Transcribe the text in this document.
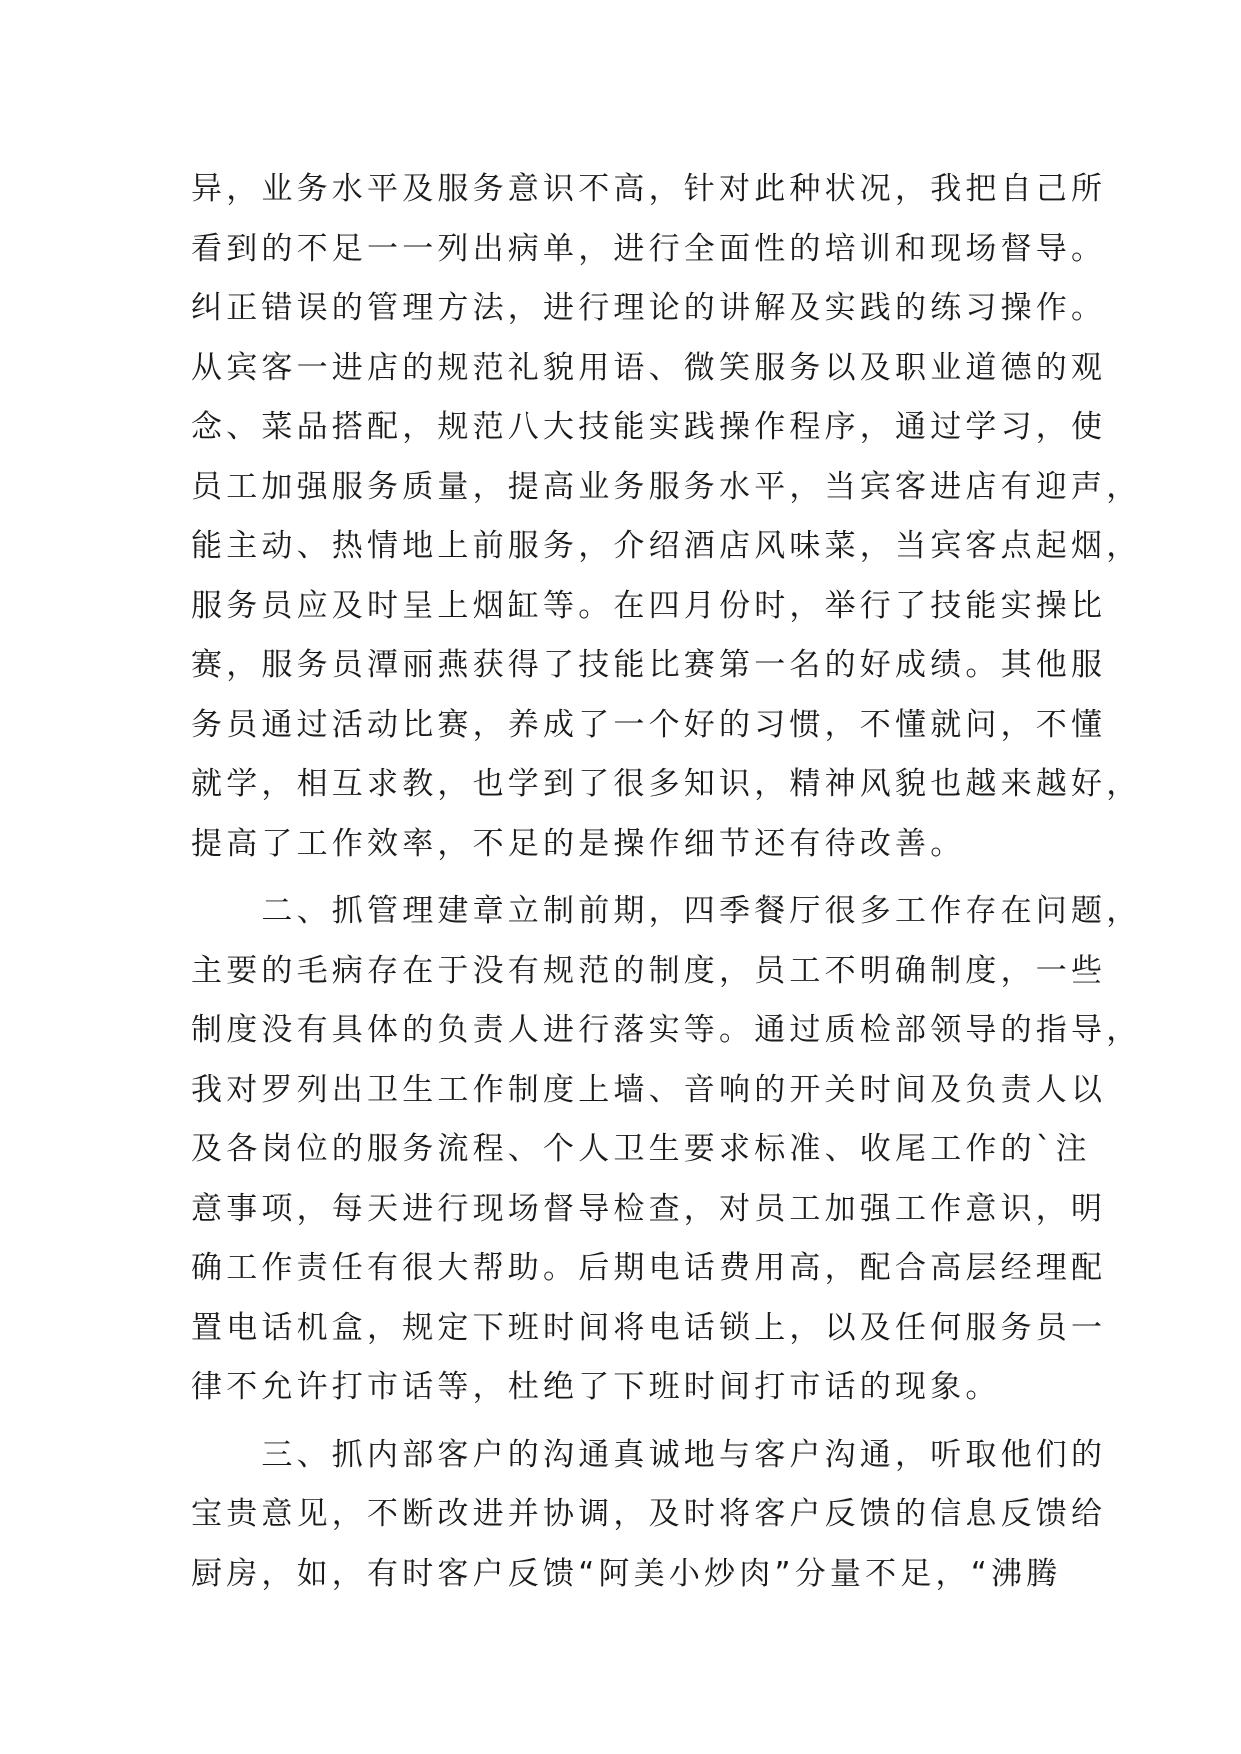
异，业务水平及服务意识不高，针对此种状况，我把自己所
看到的不足一一列出病单，进行全面性的培训和现场督导。
纠正错误的管理方法，进行理论的讲解及实践的练习操作。
从宾客一进店的规范礼貌用语、微笑服务以及职业道德的观
念、菜品搭配，规范八大技能实践操作程序，通过学习，使
员工加强服务质量，提高业务服务水平，当宾客进店有迎声，
能主动、热情地上前服务，介绍酒店风味菜，当宾客点起烟，
服务员应及时呈上烟缸等。在四月份时，举行了技能实操比
赛，服务员潭丽燕获得了技能比赛第一名的好成绩。其他服
务员通过活动比赛，养成了一个好的习惯，不懂就问，不懂
就学，相互求教，也学到了很多知识，精神风貌也越来越好，
提高了工作效率，不足的是操作细节还有待改善。
　　二、抓管理建章立制前期，四季餐厅很多工作存在问题，
主要的毛病存在于没有规范的制度，员工不明确制度，一些
制度没有具体的负责人进行落实等。通过质检部领导的指导，
我对罗列出卫生工作制度上墙、音响的开关时间及负责人以
及各岗位的服务流程、个人卫生要求标准、收尾工作的`注
意事项，每天进行现场督导检查，对员工加强工作意识，明
确工作责任有很大帮助。后期电话费用高，配合高层经理配
置电话机盒，规定下班时间将电话锁上，以及任何服务员一
律不允许打市话等，杜绝了下班时间打市话的现象。
　　三、抓内部客户的沟通真诚地与客户沟通，听取他们的
宝贵意见，不断改进并协调，及时将客户反馈的信息反馈给
厨房，如，有时客户反馈“阿美小炒肉”分量不足，“沸腾
